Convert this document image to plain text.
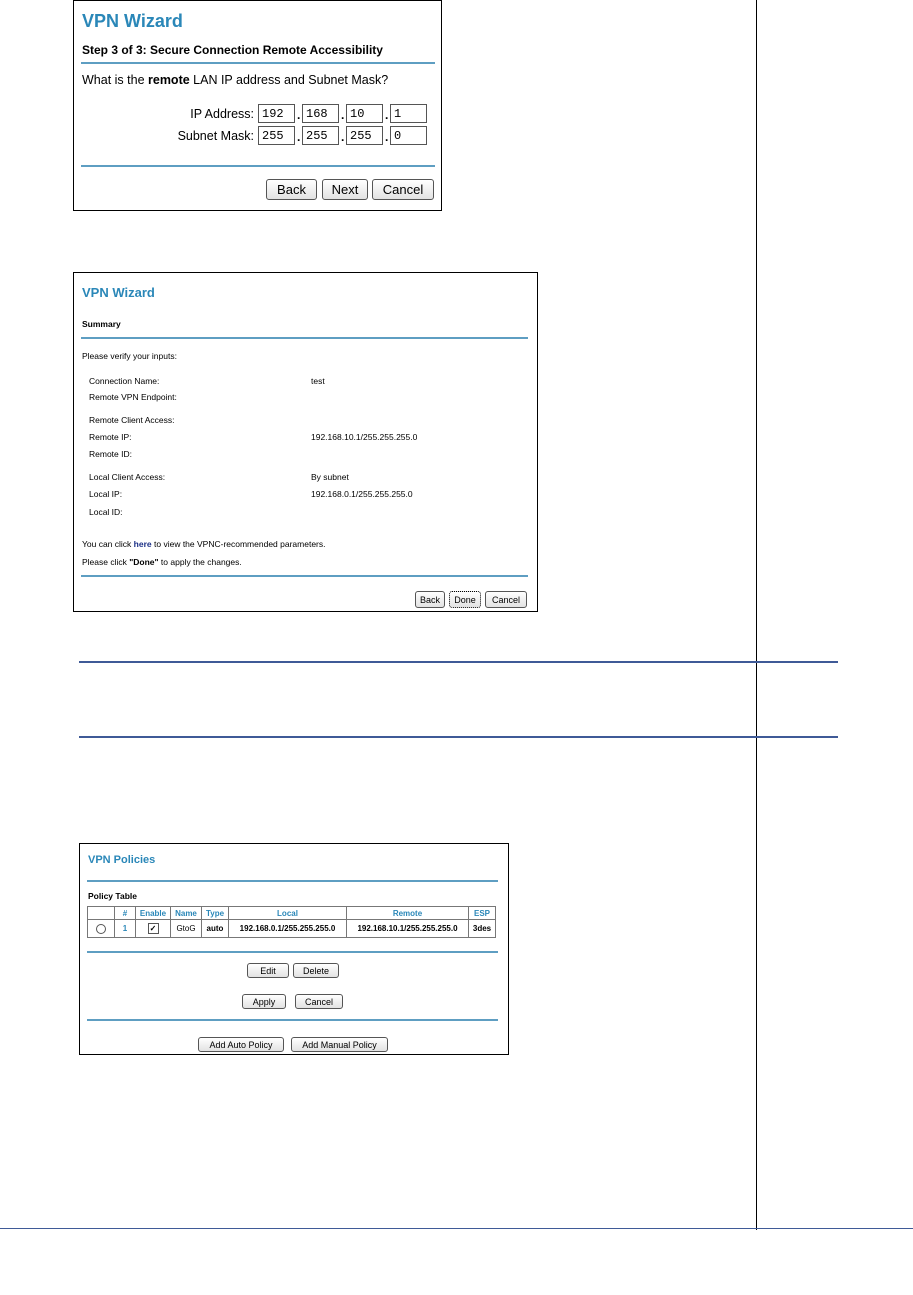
VPN Wizard
Step 3 of 3: Secure Connection Remote Accessibility
What is the remote LAN IP address and Subnet Mask?
IP Address:
192	.
168	.
10	.
1
Subnet Mask:
255	.
255	.
255	.
0
Back	Next	Cancel
VPN Wizard
Summary
Please verify your inputs:
Connection Name:	test
Remote VPN Endpoint:
Remote Client Access:
Remote IP:	192.168.10.1/255.255.255.0
Remote ID:
Local Client Access:	By subnet
Local IP:	192.168.0.1/255.255.255.0
Local ID:
You can click here to view the VPNC-recommended parameters.
Please click "Done" to apply the changes.
Back	Done	Cancel
VPN Policies
Policy Table
	#	Enable	Name	Type	Local	Remote	ESP
	1	✓	GtoG	auto	192.168.0.1/255.255.255.0	192.168.10.1/255.255.255.0	3des
Edit	Delete
Apply	Cancel
Add Auto Policy	Add Manual Policy
